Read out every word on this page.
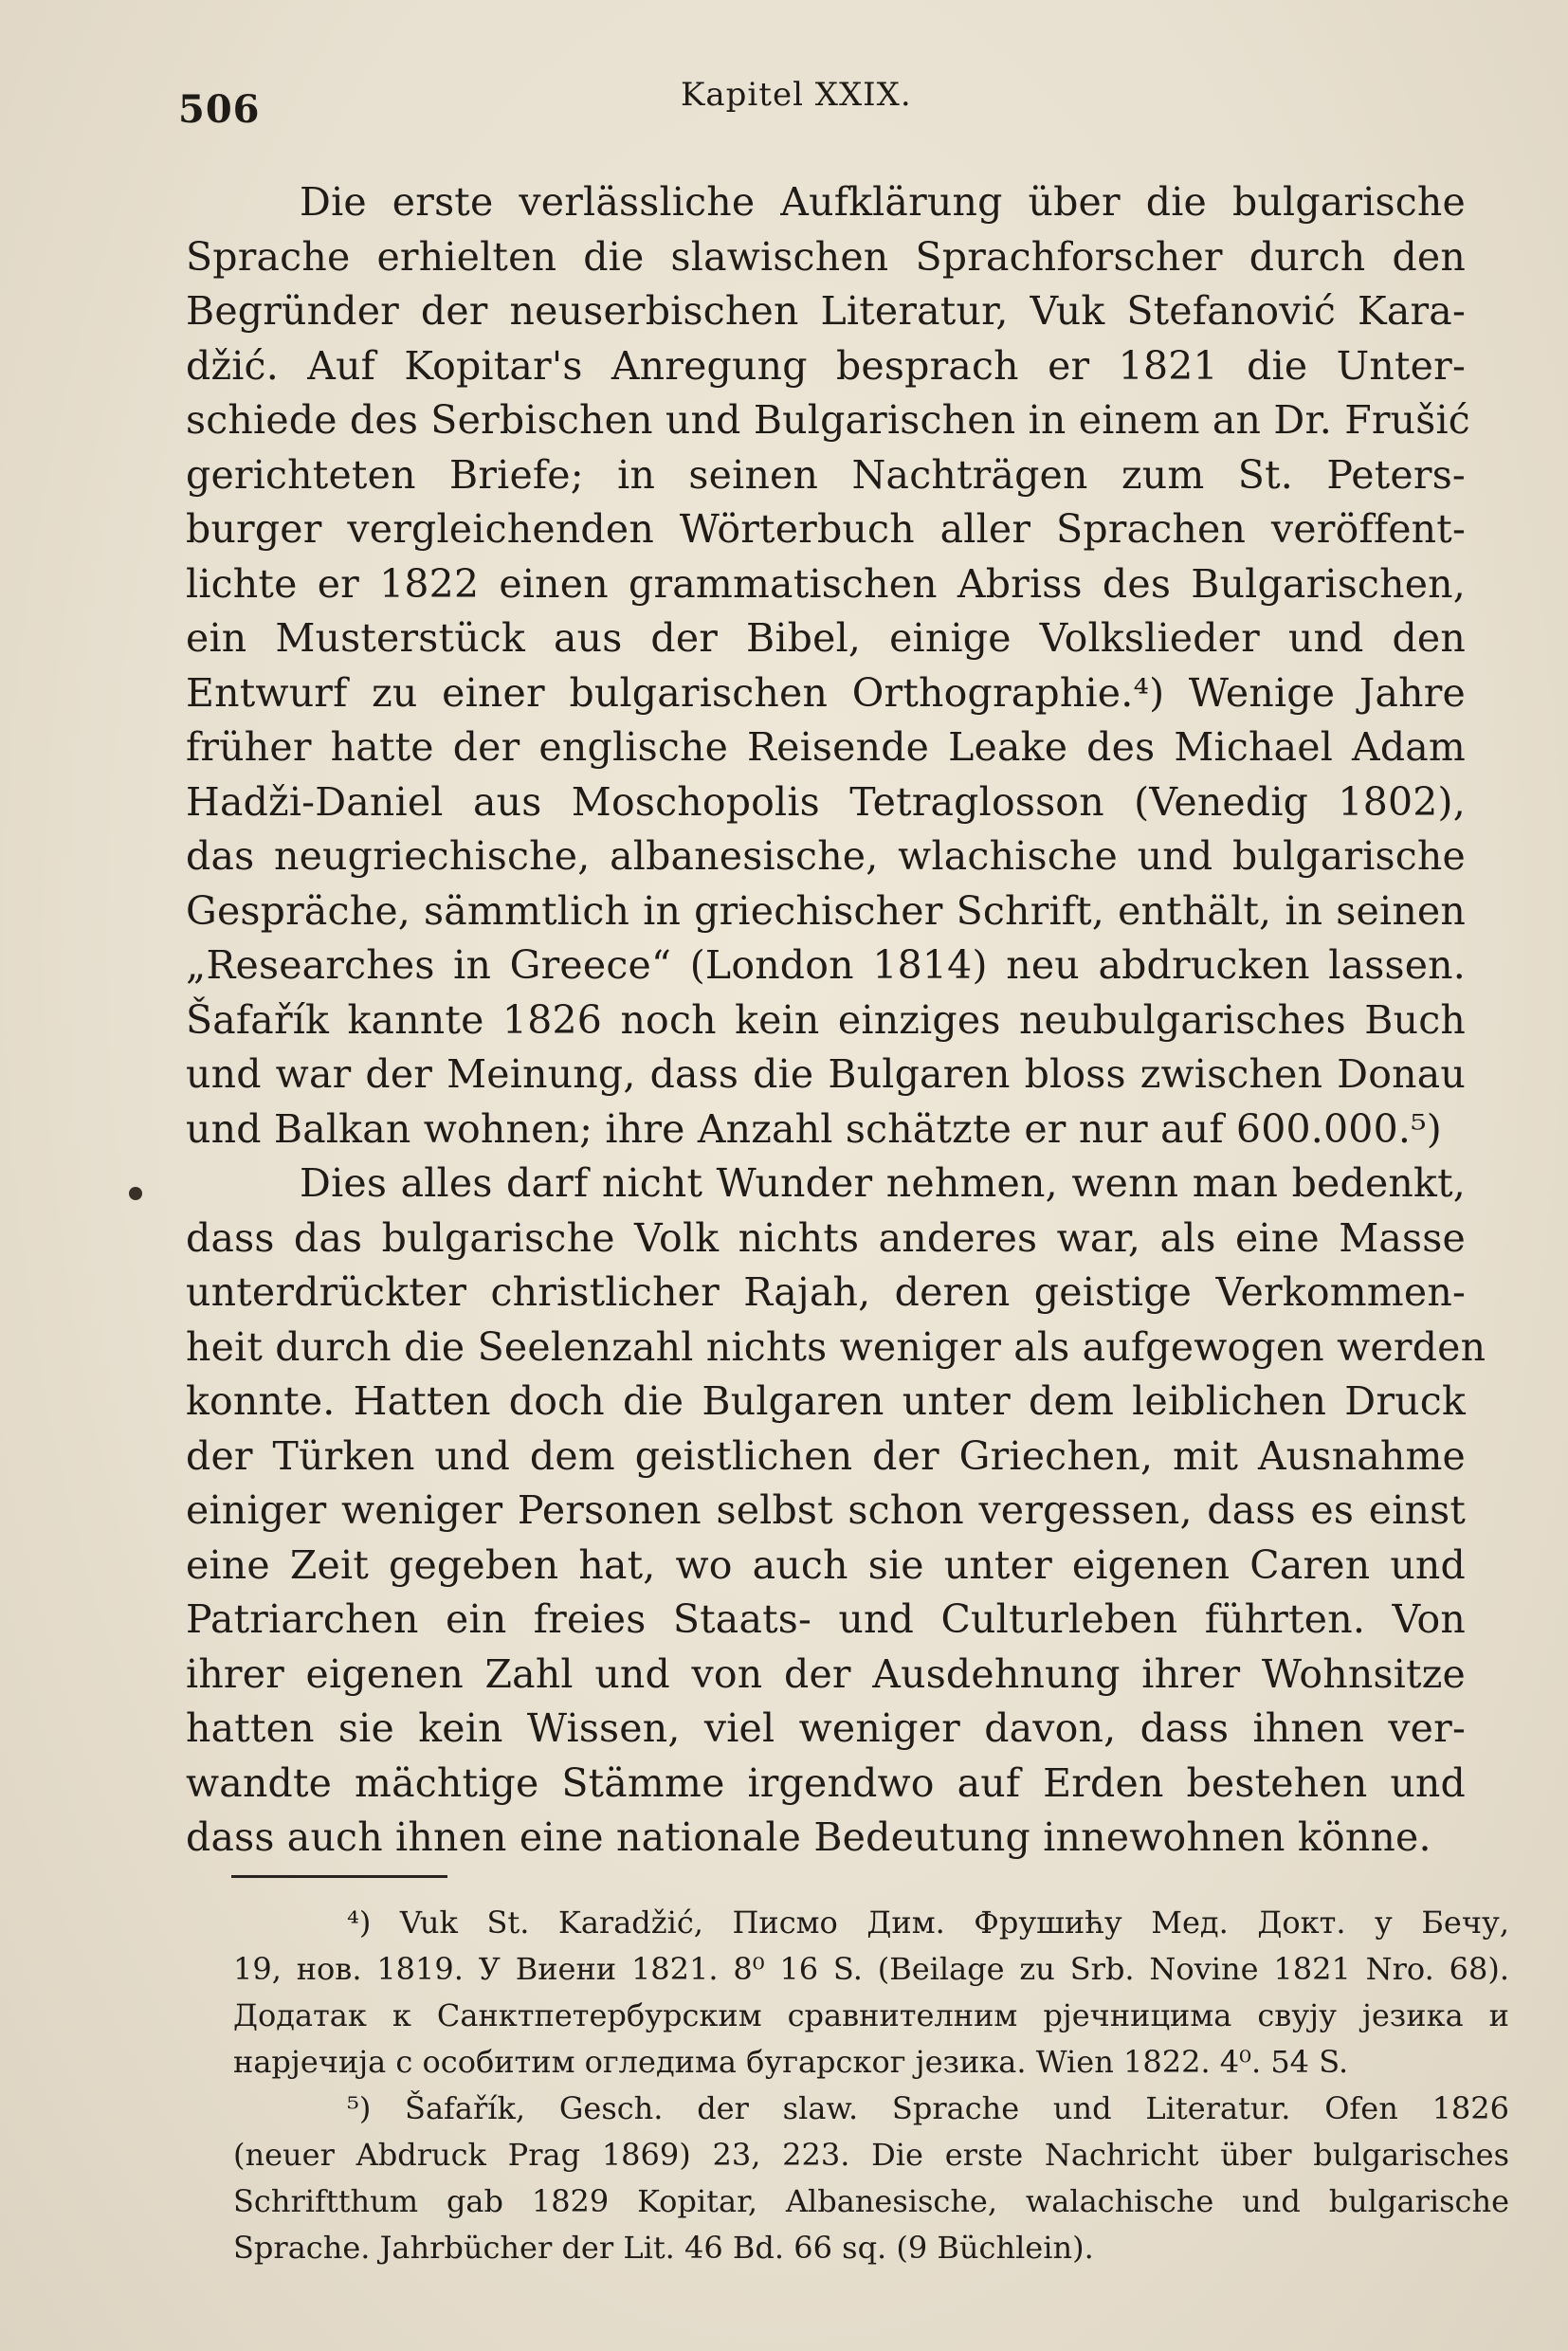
506	Kapitel XXIX.

Die erste verlässliche Aufklärung über die bulgarische
Sprache erhielten die slawischen Sprachforscher durch den
Begründer der neuserbischen Literatur, Vuk Stefanović Kara-
džić. Auf Kopitar's Anregung besprach er 1821 die Unter-
schiede des Serbischen und Bulgarischen in einem an Dr. Frušić
gerichteten Briefe; in seinen Nachträgen zum St. Peters-
burger vergleichenden Wörterbuch aller Sprachen veröffent-
lichte er 1822 einen grammatischen Abriss des Bulgarischen,
ein Musterstück aus der Bibel, einige Volkslieder und den
Entwurf zu einer bulgarischen Orthographie.⁴) Wenige Jahre
früher hatte der englische Reisende Leake des Michael Adam
Hadži-Daniel aus Moschopolis Tetraglosson (Venedig 1802),
das neugriechische, albanesische, wlachische und bulgarische
Gespräche, sämmtlich in griechischer Schrift, enthält, in seinen
„Researches in Greece“ (London 1814) neu abdrucken lassen.
Šafařík kannte 1826 noch kein einziges neubulgarisches Buch
und war der Meinung, dass die Bulgaren bloss zwischen Donau
und Balkan wohnen; ihre Anzahl schätzte er nur auf 600.000.⁵)

Dies alles darf nicht Wunder nehmen, wenn man bedenkt,
dass das bulgarische Volk nichts anderes war, als eine Masse
unterdrückter christlicher Rajah, deren geistige Verkommen-
heit durch die Seelenzahl nichts weniger als aufgewogen werden
konnte. Hatten doch die Bulgaren unter dem leiblichen Druck
der Türken und dem geistlichen der Griechen, mit Ausnahme
einiger weniger Personen selbst schon vergessen, dass es einst
eine Zeit gegeben hat, wo auch sie unter eigenen Caren und
Patriarchen ein freies Staats- und Culturleben führten. Von
ihrer eigenen Zahl und von der Ausdehnung ihrer Wohnsitze
hatten sie kein Wissen, viel weniger davon, dass ihnen ver-
wandte mächtige Stämme irgendwo auf Erden bestehen und
dass auch ihnen eine nationale Bedeutung innewohnen könne.

⁴) Vuk St. Karadžić, Писмо Дим. Фрушићу Мед. Докт. у Бечу,
19, нов. 1819. У Виени 1821. 8⁰ 16 S. (Beilage zu Srb. Novine 1821 Nro. 68).
Додатак к Санктпетербурским сравнителним рјечницима свују језика и
нарјечија с особитим огледима бугарског језика. Wien 1822. 4⁰. 54 S.

⁵) Šafařík, Gesch. der slaw. Sprache und Literatur. Ofen 1826
(neuer Abdruck Prag 1869) 23, 223. Die erste Nachricht über bulgarisches
Schriftthum gab 1829 Kopitar, Albanesische, walachische und bulgarische
Sprache. Jahrbücher der Lit. 46 Bd. 66 sq. (9 Büchlein).
